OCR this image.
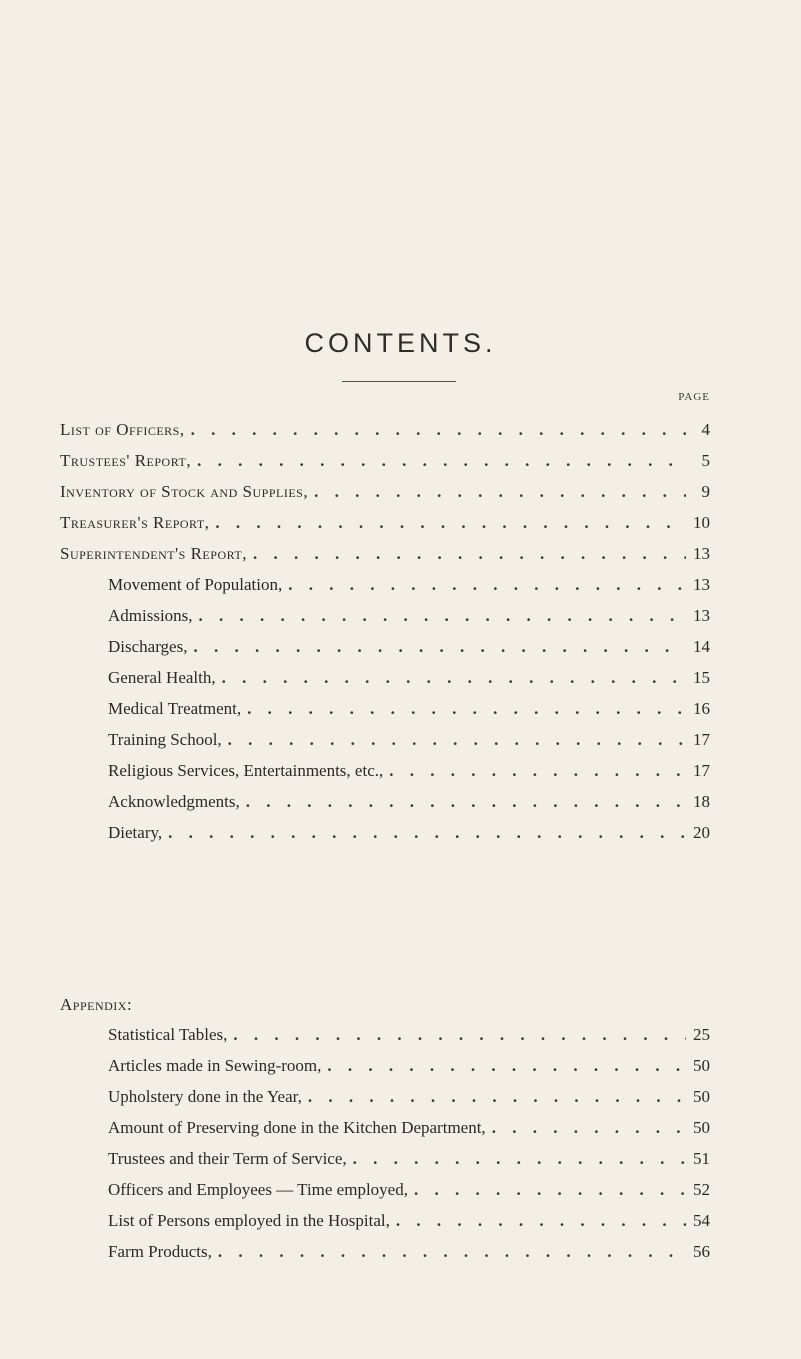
CONTENTS.
PAGE
List of Officers, . . .	4
Trustees' Report, . . .	5
Inventory of Stock and Supplies, . . .	9
Treasurer's Report, . . .	10
Superintendent's Report, . . .	13
Movement of Population, . . .	13
Admissions, . . .	13
Discharges, . . .	14
General Health, . . .	15
Medical Treatment, . . .	16
Training School, . . .	17
Religious Services, Entertainments, etc., . . .	17
Acknowledgments, . . .	18
Dietary, . . .	20
Appendix:
Statistical Tables, . . .	25
Articles made in Sewing-room, . . .	50
Upholstery done in the Year, . . .	50
Amount of Preserving done in the Kitchen Department, . . .	50
Trustees and their Term of Service, . . .	51
Officers and Employees — Time employed, . . .	52
List of Persons employed in the Hospital, . . .	54
Farm Products, . . .	56
